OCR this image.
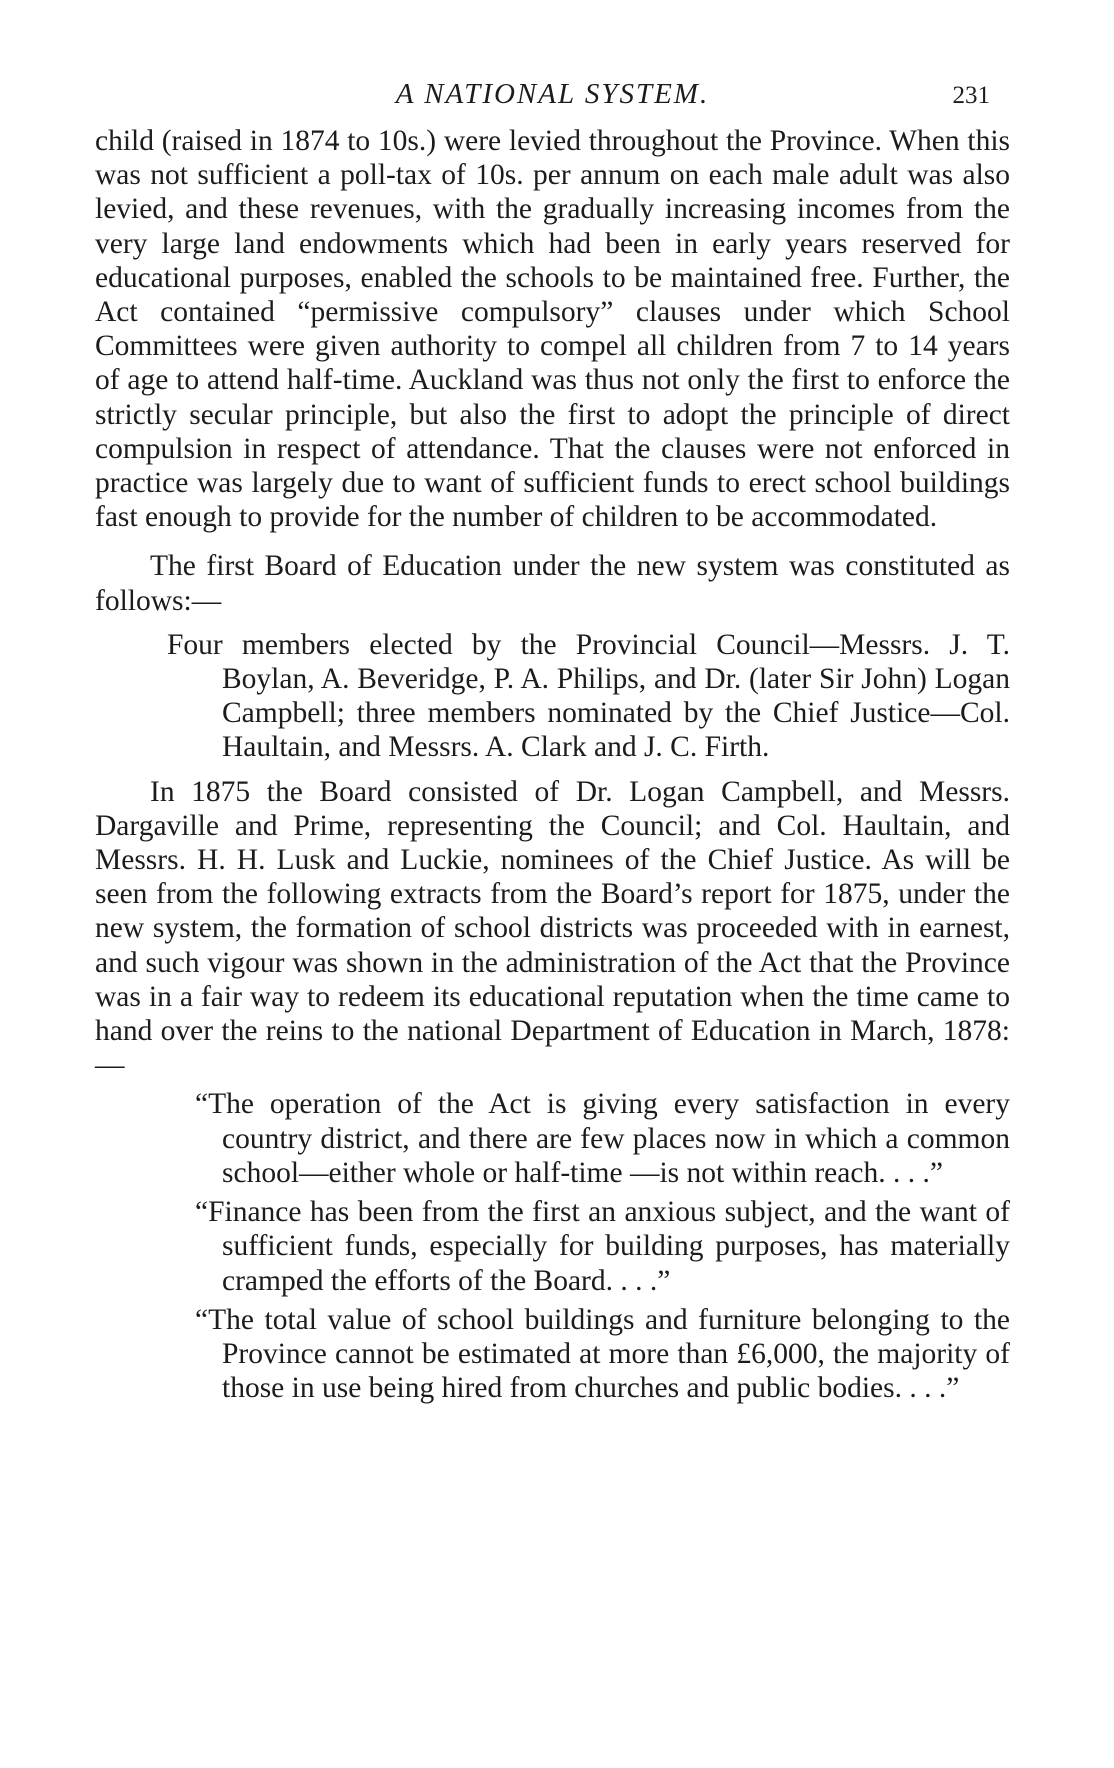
A NATIONAL SYSTEM.	231

child (raised in 1874 to 10s.) were levied throughout the Province. When this was not sufficient a poll-tax of 10s. per annum on each male adult was also levied, and these revenues, with the gradually increasing incomes from the very large land endowments which had been in early years reserved for educational purposes, enabled the schools to be maintained free. Further, the Act contained “permissive compulsory” clauses under which School Committees were given authority to compel all children from 7 to 14 years of age to attend half-time. Auckland was thus not only the first to enforce the strictly secular principle, but also the first to adopt the principle of direct compulsion in respect of attendance. That the clauses were not enforced in practice was largely due to want of sufficient funds to erect school buildings fast enough to provide for the number of children to be accommodated.

The first Board of Education under the new system was constituted as follows:—

Four members elected by the Provincial Council—Messrs. J. T. Boylan, A. Beveridge, P. A. Philips, and Dr. (later Sir John) Logan Campbell; three members nominated by the Chief Justice—Col. Haultain, and Messrs. A. Clark and J. C. Firth.

In 1875 the Board consisted of Dr. Logan Campbell, and Messrs. Dargaville and Prime, representing the Council; and Col. Haultain, and Messrs. H. H. Lusk and Luckie, nominees of the Chief Justice. As will be seen from the following extracts from the Board’s report for 1875, under the new system, the formation of school districts was proceeded with in earnest, and such vigour was shown in the administration of the Act that the Province was in a fair way to redeem its educational reputation when the time came to hand over the reins to the national Department of Education in March, 1878:—

“The operation of the Act is giving every satisfaction in every country district, and there are few places now in which a common school—either whole or half-time —is not within reach. . . .”

“Finance has been from the first an anxious subject, and the want of sufficient funds, especially for building purposes, has materially cramped the efforts of the Board. . . .”

“The total value of school buildings and furniture belonging to the Province cannot be estimated at more than £6,000, the majority of those in use being hired from churches and public bodies. . . .”
